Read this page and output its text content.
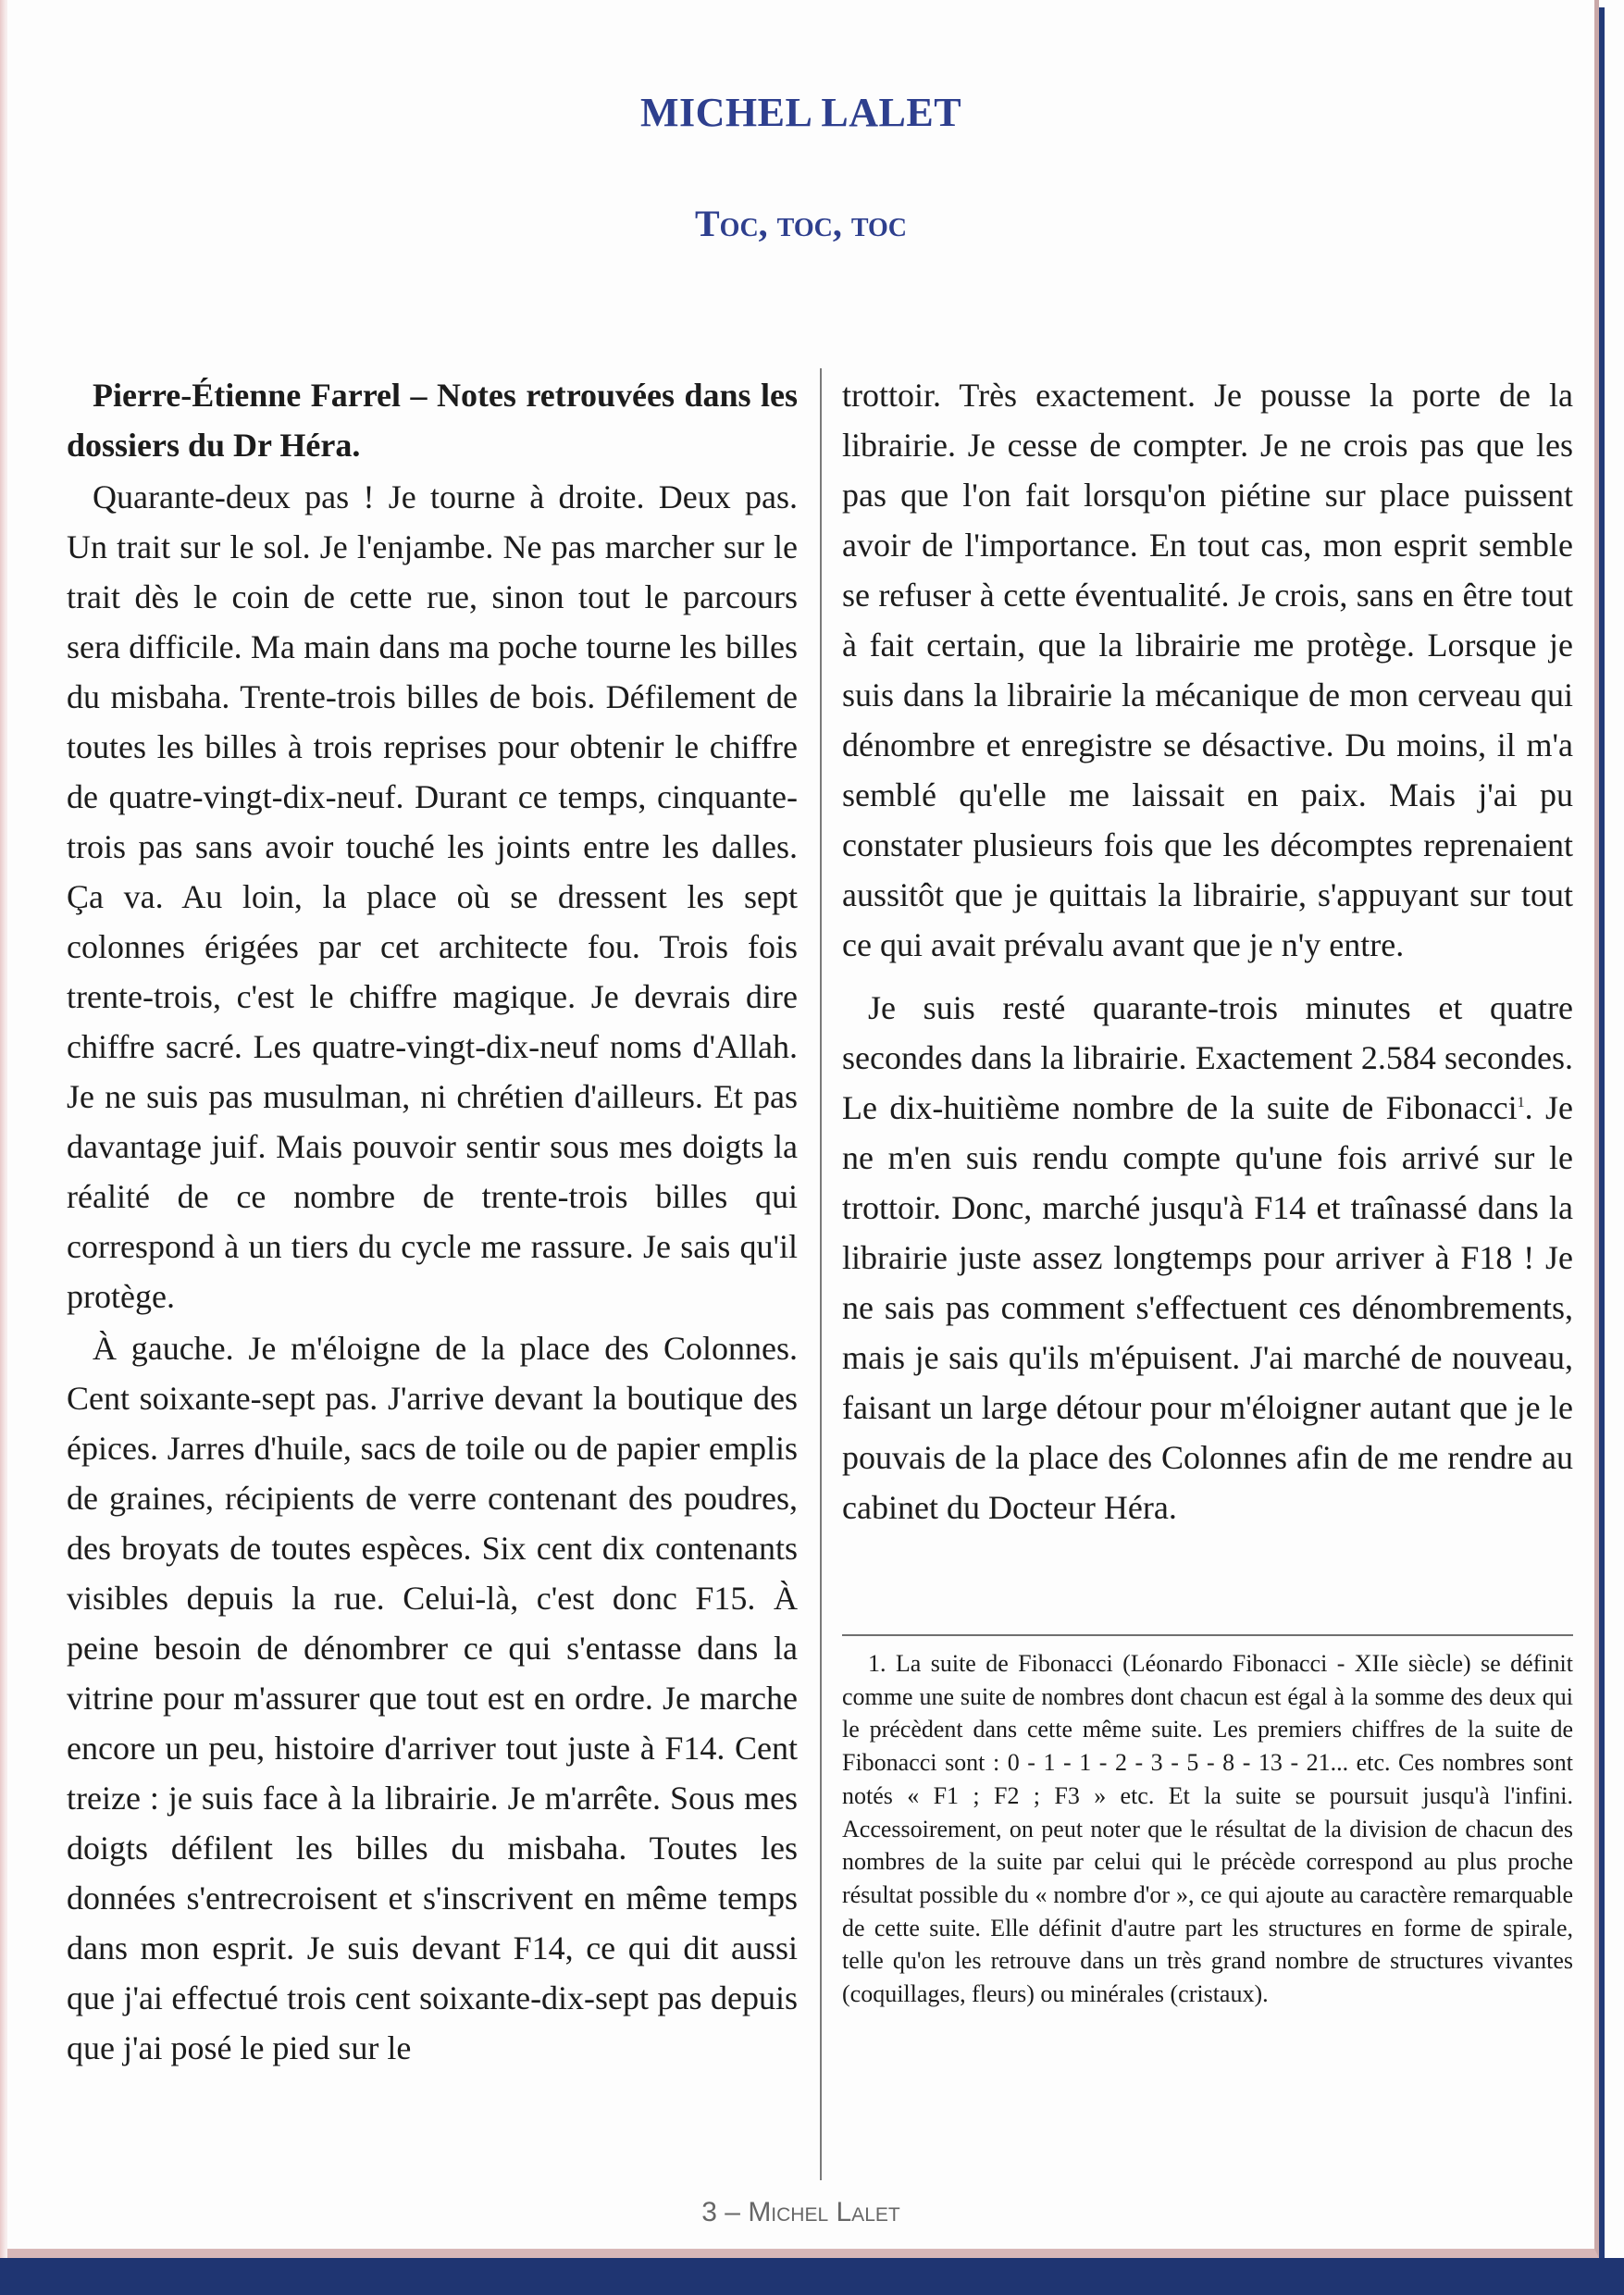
MICHEL LALET
Toc, toc, toc

Pierre-Étienne Farrel – Notes retrouvées dans les dossiers du Dr Héra.

Quarante-deux pas ! Je tourne à droite. Deux pas. Un trait sur le sol. Je l'enjambe. Ne pas marcher sur le trait dès le coin de cette rue, sinon tout le parcours sera difficile. Ma main dans ma poche tourne les billes du misbaha. Trente-trois billes de bois. Défilement de toutes les billes à trois reprises pour obtenir le chiffre de quatre-vingt-dix-neuf. Durant ce temps, cinquante-trois pas sans avoir touché les joints entre les dalles. Ça va. Au loin, la place où se dressent les sept colonnes érigées par cet architecte fou. Trois fois trente-trois, c'est le chiffre magique. Je devrais dire chiffre sacré. Les quatre-vingt-dix-neuf noms d'Allah. Je ne suis pas musulman, ni chrétien d'ailleurs. Et pas davantage juif. Mais pouvoir sentir sous mes doigts la réalité de ce nombre de trente-trois billes qui correspond à un tiers du cycle me rassure. Je sais qu'il protège.

À gauche. Je m'éloigne de la place des Colonnes. Cent soixante-sept pas. J'arrive devant la boutique des épices. Jarres d'huile, sacs de toile ou de papier emplis de graines, récipients de verre contenant des poudres, des broyats de toutes espèces. Six cent dix contenants visibles depuis la rue. Celui-là, c'est donc F15. À peine besoin de dénombrer ce qui s'entasse dans la vitrine pour m'assurer que tout est en ordre. Je marche encore un peu, histoire d'arriver tout juste à F14. Cent treize : je suis face à la librairie. Je m'arrête. Sous mes doigts défilent les billes du misbaha. Toutes les données s'entrecroisent et s'inscrivent en même temps dans mon esprit. Je suis devant F14, ce qui dit aussi que j'ai effectué trois cent soixante-dix-sept pas depuis que j'ai posé le pied sur le

trottoir. Très exactement. Je pousse la porte de la librairie. Je cesse de compter. Je ne crois pas que les pas que l'on fait lorsqu'on piétine sur place puissent avoir de l'importance. En tout cas, mon esprit semble se refuser à cette éventualité. Je crois, sans en être tout à fait certain, que la librairie me protège. Lorsque je suis dans la librairie la mécanique de mon cerveau qui dénombre et enregistre se désactive. Du moins, il m'a semblé qu'elle me laissait en paix. Mais j'ai pu constater plusieurs fois que les décomptes reprenaient aussitôt que je quittais la librairie, s'appuyant sur tout ce qui avait prévalu avant que je n'y entre.

Je suis resté quarante-trois minutes et quatre secondes dans la librairie. Exactement 2.584 secondes. Le dix-huitième nombre de la suite de Fibonacci$^1$. Je ne m'en suis rendu compte qu'une fois arrivé sur le trottoir. Donc, marché jusqu'à F14 et traînassé dans la librairie juste assez longtemps pour arriver à F18 ! Je ne sais pas comment s'effectuent ces dénombrements, mais je sais qu'ils m'épuisent. J'ai marché de nouveau, faisant un large détour pour m'éloigner autant que je le pouvais de la place des Colonnes afin de me rendre au cabinet du Docteur Héra.

1. La suite de Fibonacci (Léonardo Fibonacci - XIIe siècle) se définit comme une suite de nombres dont chacun est égal à la somme des deux qui le précèdent dans cette même suite. Les premiers chiffres de la suite de Fibonacci sont : 0 - 1 - 1 - 2 - 3 - 5 - 8 - 13 - 21... etc. Ces nombres sont notés « F1 ; F2 ; F3 » etc. Et la suite se poursuit jusqu'à l'infini. Accessoirement, on peut noter que le résultat de la division de chacun des nombres de la suite par celui qui le précède correspond au plus proche résultat possible du « nombre d'or », ce qui ajoute au caractère remarquable de cette suite. Elle définit d'autre part les structures en forme de spirale, telle qu'on les retrouve dans un très grand nombre de structures vivantes (coquillages, fleurs) ou minérales (cristaux).

3 – Michel Lalet
